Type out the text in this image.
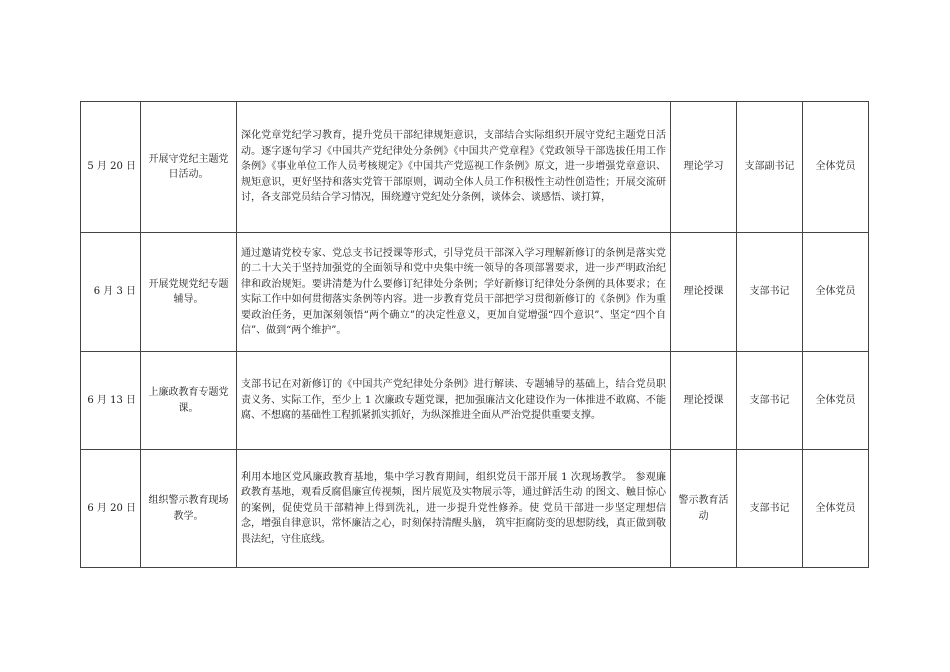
5 月 20 日	开展守党纪主题党日活动。	深化党章党纪学习教育，提升党员干部纪律规矩意识，支部结合实际组织开展守党纪主题党日活动。逐字逐句学习《中国共产党纪律处分条例》《中国共产党章程》《党政领导干部选拔任用工作条例》《事业单位工作人员考核规定》《中国共产党巡视工作条例》原文，进一步增强党章意识、规矩意识，更好坚持和落实党管干部原则，调动全体人员工作积极性主动性创造性；开展交流研讨，各支部党员结合学习情况，围绕遵守党纪处分条例，谈体会、谈感悟、谈打算，	理论学习	支部副书记	全体党员
6 月 3 日	开展党规党纪专题辅导。	通过邀请党校专家、党总支书记授课等形式，引导党员干部深入学习理解新修订的条例是落实党的二十大关于坚持加强党的全面领导和党中央集中统一领导的各项部署要求，进一步严明政治纪律和政治规矩。要讲清楚为什么要修订纪律处分条例；学好新修订纪律处分条例的具体要求；在实际工作中如何贯彻落实条例等内容。进一步教育党员干部把学习贯彻新修订的《条例》作为重要政治任务，更加深刻领悟“两个确立”的决定性意义，更加自觉增强“四个意识”、坚定“四个自信”、做到“两个维护”。	理论授课	支部书记	全体党员
6 月 13 日	上廉政教育专题党课。	支部书记在对新修订的《中国共产党纪律处分条例》进行解读、专题辅导的基础上，结合党员职责义务、实际工作，至少上 1 次廉政专题党课，把加强廉洁文化建设作为一体推进不敢腐、不能腐、不想腐的基础性工程抓紧抓实抓好，为纵深推进全面从严治党提供重要支撑。	理论授课	支部书记	全体党员
6 月 20 日	组织警示教育现场教学。	利用本地区党风廉政教育基地，集中学习教育期间，组织党员干部开展 1 次现场教学。 参观廉政教育基地，观看反腐倡廉宣传视频，图片展览及实物展示等，通过鲜活生动 的图文、触目惊心的案例，促使党员干部精神上得到洗礼，进一步提升党性修养。使 党员干部进一步坚定理想信念，增强自律意识，常怀廉洁之心，时刻保持清醒头脑， 筑牢拒腐防变的思想防线，真正做到敬畏法纪，守住底线。	警示教育活动	支部书记	全体党员
